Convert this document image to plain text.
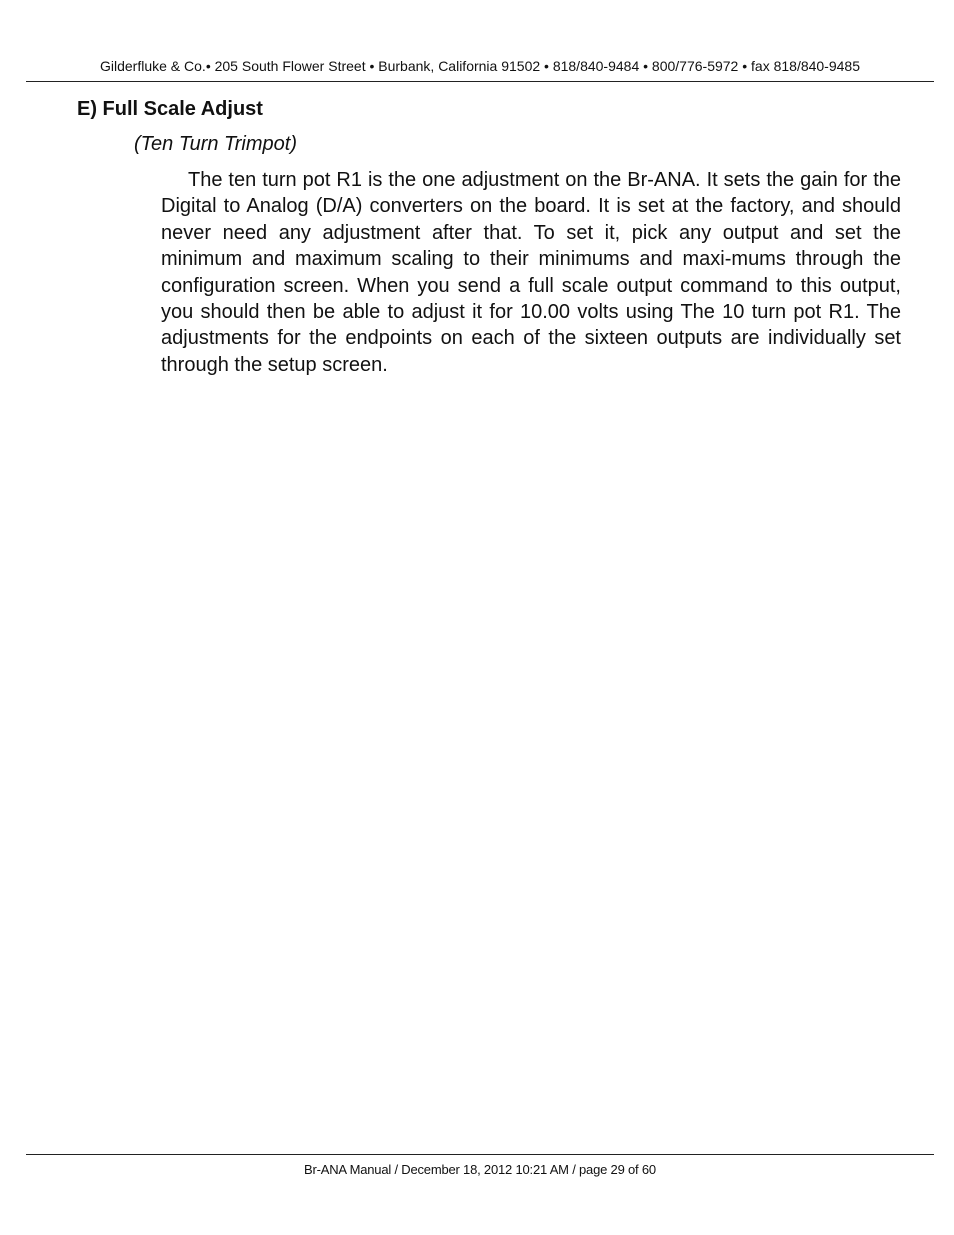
Gilderfluke & Co.• 205 South Flower Street • Burbank, California 91502 • 818/840-9484 • 800/776-5972 • fax 818/840-9485
E) Full Scale Adjust

(Ten Turn Trimpot)

The ten turn pot R1 is the one adjustment on the Br-ANA. It sets the gain for the Digital to Analog (D/A) converters on the board. It is set at the factory, and should never need any adjustment after that. To set it, pick any output and set the minimum and maximum scaling to their minimums and maxi-mums through the configuration screen. When you send a full scale output command to this output, you should then be able to adjust it for 10.00 volts using The 10 turn pot R1. The adjustments for the endpoints on each of the sixteen outputs are individually set through the setup screen.

Br-ANA Manual / December 18, 2012 10:21 AM / page 29 of 60
